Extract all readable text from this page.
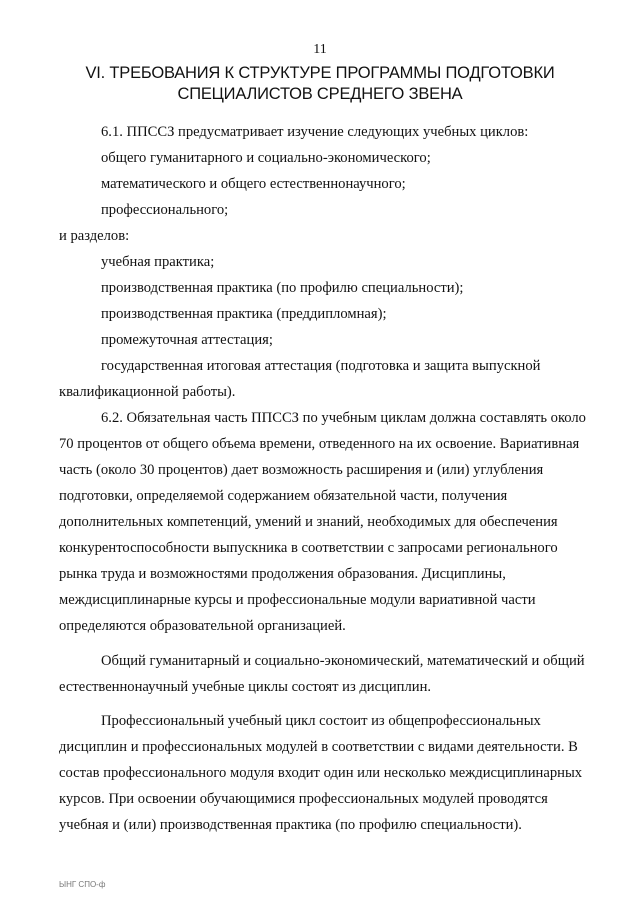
11
VI. ТРЕБОВАНИЯ К СТРУКТУРЕ ПРОГРАММЫ ПОДГОТОВКИ
СПЕЦИАЛИСТОВ СРЕДНЕГО ЗВЕНА
6.1. ППССЗ предусматривает изучение следующих учебных циклов:
общего гуманитарного и социально-экономического;
математического и общего естественнонаучного;
профессионального;
и разделов:
учебная практика;
производственная практика (по профилю специальности);
производственная практика (преддипломная);
промежуточная аттестация;
государственная итоговая аттестация (подготовка и защита выпускной
квалификационной работы).
6.2. Обязательная часть ППССЗ по учебным циклам должна составлять около
70 процентов от общего объема времени, отведенного на их освоение. Вариативная
часть (около 30 процентов) дает возможность расширения и (или) углубления
подготовки, определяемой содержанием обязательной части, получения
дополнительных компетенций, умений и знаний, необходимых для обеспечения
конкурентоспособности выпускника в соответствии с запросами регионального
рынка труда и возможностями продолжения образования. Дисциплины,
междисциплинарные курсы и профессиональные модули вариативной части
определяются образовательной организацией.
Общий гуманитарный и социально-экономический, математический и общий
естественнонаучный учебные циклы состоят из дисциплин.
Профессиональный учебный цикл состоит из общепрофессиональных
дисциплин и профессиональных модулей в соответствии с видами деятельности. В
состав профессионального модуля входит один или несколько междисциплинарных
курсов. При освоении обучающимися профессиональных модулей проводятся
учебная и (или) производственная практика (по профилю специальности).
ЫНГ СПО-ф
